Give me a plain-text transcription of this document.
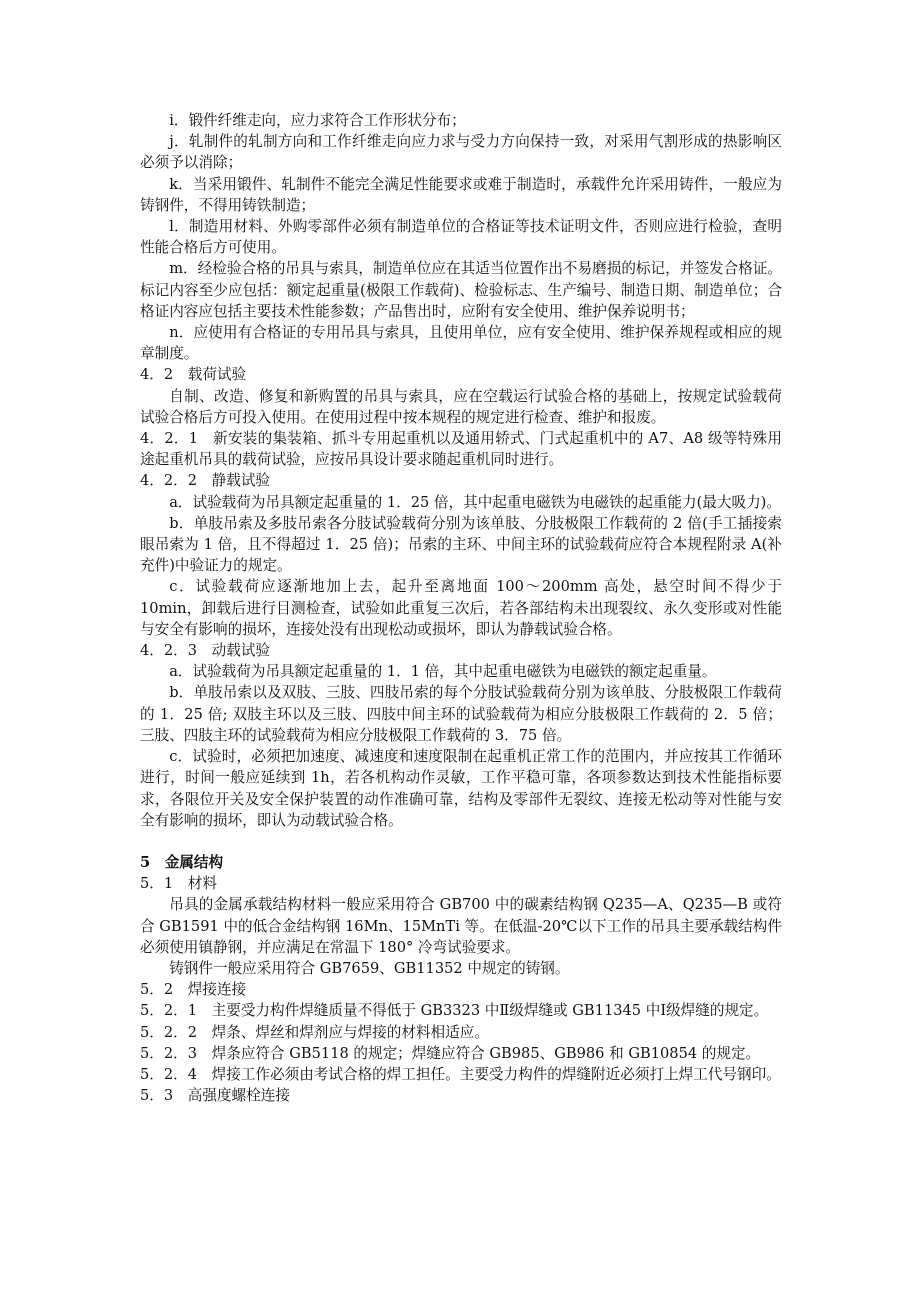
i．锻件纤维走向，应力求符合工作形状分布；

j．轧制件的轧制方向和工作纤维走向应力求与受力方向保持一致，对采用气割形成的热影响区必须予以消除；

k．当采用锻件、轧制件不能完全满足性能要求或难于制造时，承载件允许采用铸件，一般应为铸钢件，不得用铸铁制造；

l．制造用材料、外购零部件必须有制造单位的合格证等技术证明文件，否则应进行检验，查明性能合格后方可使用。

m．经检验合格的吊具与索具，制造单位应在其适当位置作出不易磨损的标记，并签发合格证。标记内容至少应包括：额定起重量(极限工作载荷)、检验标志、生产编号、制造日期、制造单位；合格证内容应包括主要技术性能参数；产品售出时，应附有安全使用、维护保养说明书；

n．应使用有合格证的专用吊具与索具，且使用单位，应有安全使用、维护保养规程或相应的规章制度。

4．2　载荷试验

自制、改造、修复和新购置的吊具与索具，应在空载运行试验合格的基础上，按规定试验载荷试验合格后方可投入使用。在使用过程中按本规程的规定进行检查、维护和报废。

4．2．1　新安装的集装箱、抓斗专用起重机以及通用轿式、门式起重机中的 A7、A8 级等特殊用途起重机吊具的载荷试验，应按吊具设计要求随起重机同时进行。

4．2．2　静载试验

a．试验载荷为吊具额定起重量的 1．25 倍，其中起重电磁铁为电磁铁的起重能力(最大吸力)。

b．单肢吊索及多肢吊索各分肢试验载荷分别为该单肢、分肢极限工作载荷的 2 倍(手工插接索眼吊索为 1 倍，且不得超过 1．25 倍)；吊索的主环、中间主环的试验载荷应符合本规程附录 A(补充件)中验证力的规定。

c．试验载荷应逐渐地加上去，起升至离地面 100～200mm 高处，悬空时间不得少于 10min，卸载后进行目测检查，试验如此重复三次后，若各部结构未出现裂纹、永久变形或对性能与安全有影响的损坏，连接处没有出现松动或损坏，即认为静载试验合格。

4．2．3　动载试验

a．试验载荷为吊具额定起重量的 1．1 倍，其中起重电磁铁为电磁铁的额定起重量。

b．单肢吊索以及双肢、三肢、四肢吊索的每个分肢试验载荷分别为该单肢、分肢极限工作载荷的 1．25 倍; 双肢主环以及三肢、四肢中间主环的试验载荷为相应分肢极限工作载荷的 2．5 倍；三肢、四肢主环的试验载荷为相应分肢极限工作载荷的 3．75 倍。

c．试验时，必须把加速度、减速度和速度限制在起重机正常工作的范围内，并应按其工作循环进行，时间一般应延续到 1h，若各机构动作灵敏，工作平稳可靠，各项参数达到技术性能指标要求，各限位开关及安全保护装置的动作准确可靠，结构及零部件无裂纹、连接无松动等对性能与安全有影响的损坏，即认为动载试验合格。

5　金属结构

5．1　材料

吊具的金属承载结构材料一般应采用符合 GB700 中的碳素结构钢 Q235—A、Q235—B 或符合 GB1591 中的低合金结构钢 16Mn、15MnTi 等。在低温-20℃以下工作的吊具主要承载结构件必须使用镇静钢，并应满足在常温下 180° 冷弯试验要求。

铸钢件一般应采用符合 GB7659、GB11352 中规定的铸钢。

5．2　焊接连接

5．2．1　主要受力构件焊缝质量不得低于 GB3323 中Ⅱ级焊缝或 GB11345 中Ⅰ级焊缝的规定。

5．2．2　焊条、焊丝和焊剂应与焊接的材料相适应。

5．2．3　焊条应符合 GB5118 的规定；焊缝应符合 GB985、GB986 和 GB10854 的规定。

5．2．4　焊接工作必须由考试合格的焊工担任。主要受力构件的焊缝附近必须打上焊工代号钢印。

5．3　高强度螺栓连接
